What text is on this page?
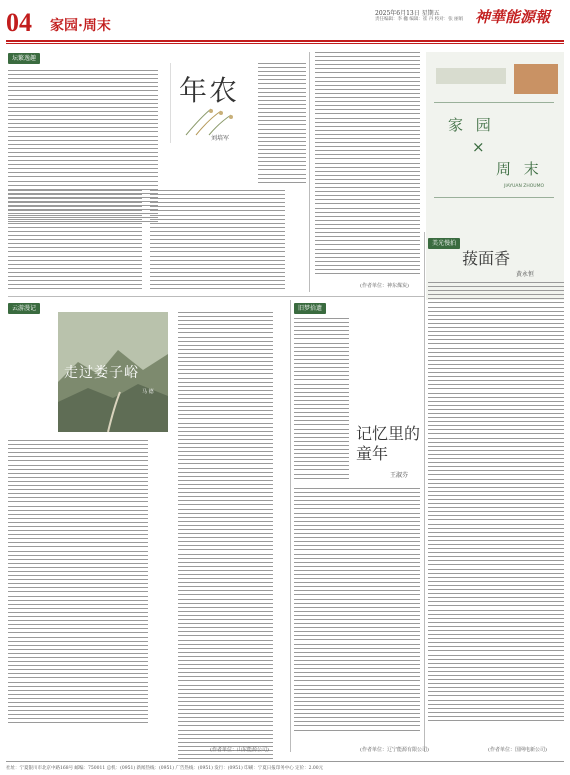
04 家园·周末
2025年6月13日 星期五
责任编辑：李 樾 编辑：崔 丹 校对：张 丽娟 神華能源報
坛繁逸趣
年农
刘培军
(作者单位：神东煤炭)
家 园
×
周 末
JIAYUAN ZHOUMO
美光慢拍
菝面香
黄永恒
(作者单位：国网电新公司)
云游漫记
走过娄子峪
马 德
(作者单位：山东能源公司)
旧梦拾遗
记忆里的童年
王淑芬
(作者单位：辽宁能源有限公司)
社址：宁夏银川市北京中路168号 邮编：750011 总机：(0951) 新闻热线：(0951) 广告热线：(0951) 发行：(0951) 印刷：宁夏日报印务中心 定价：2.00元
